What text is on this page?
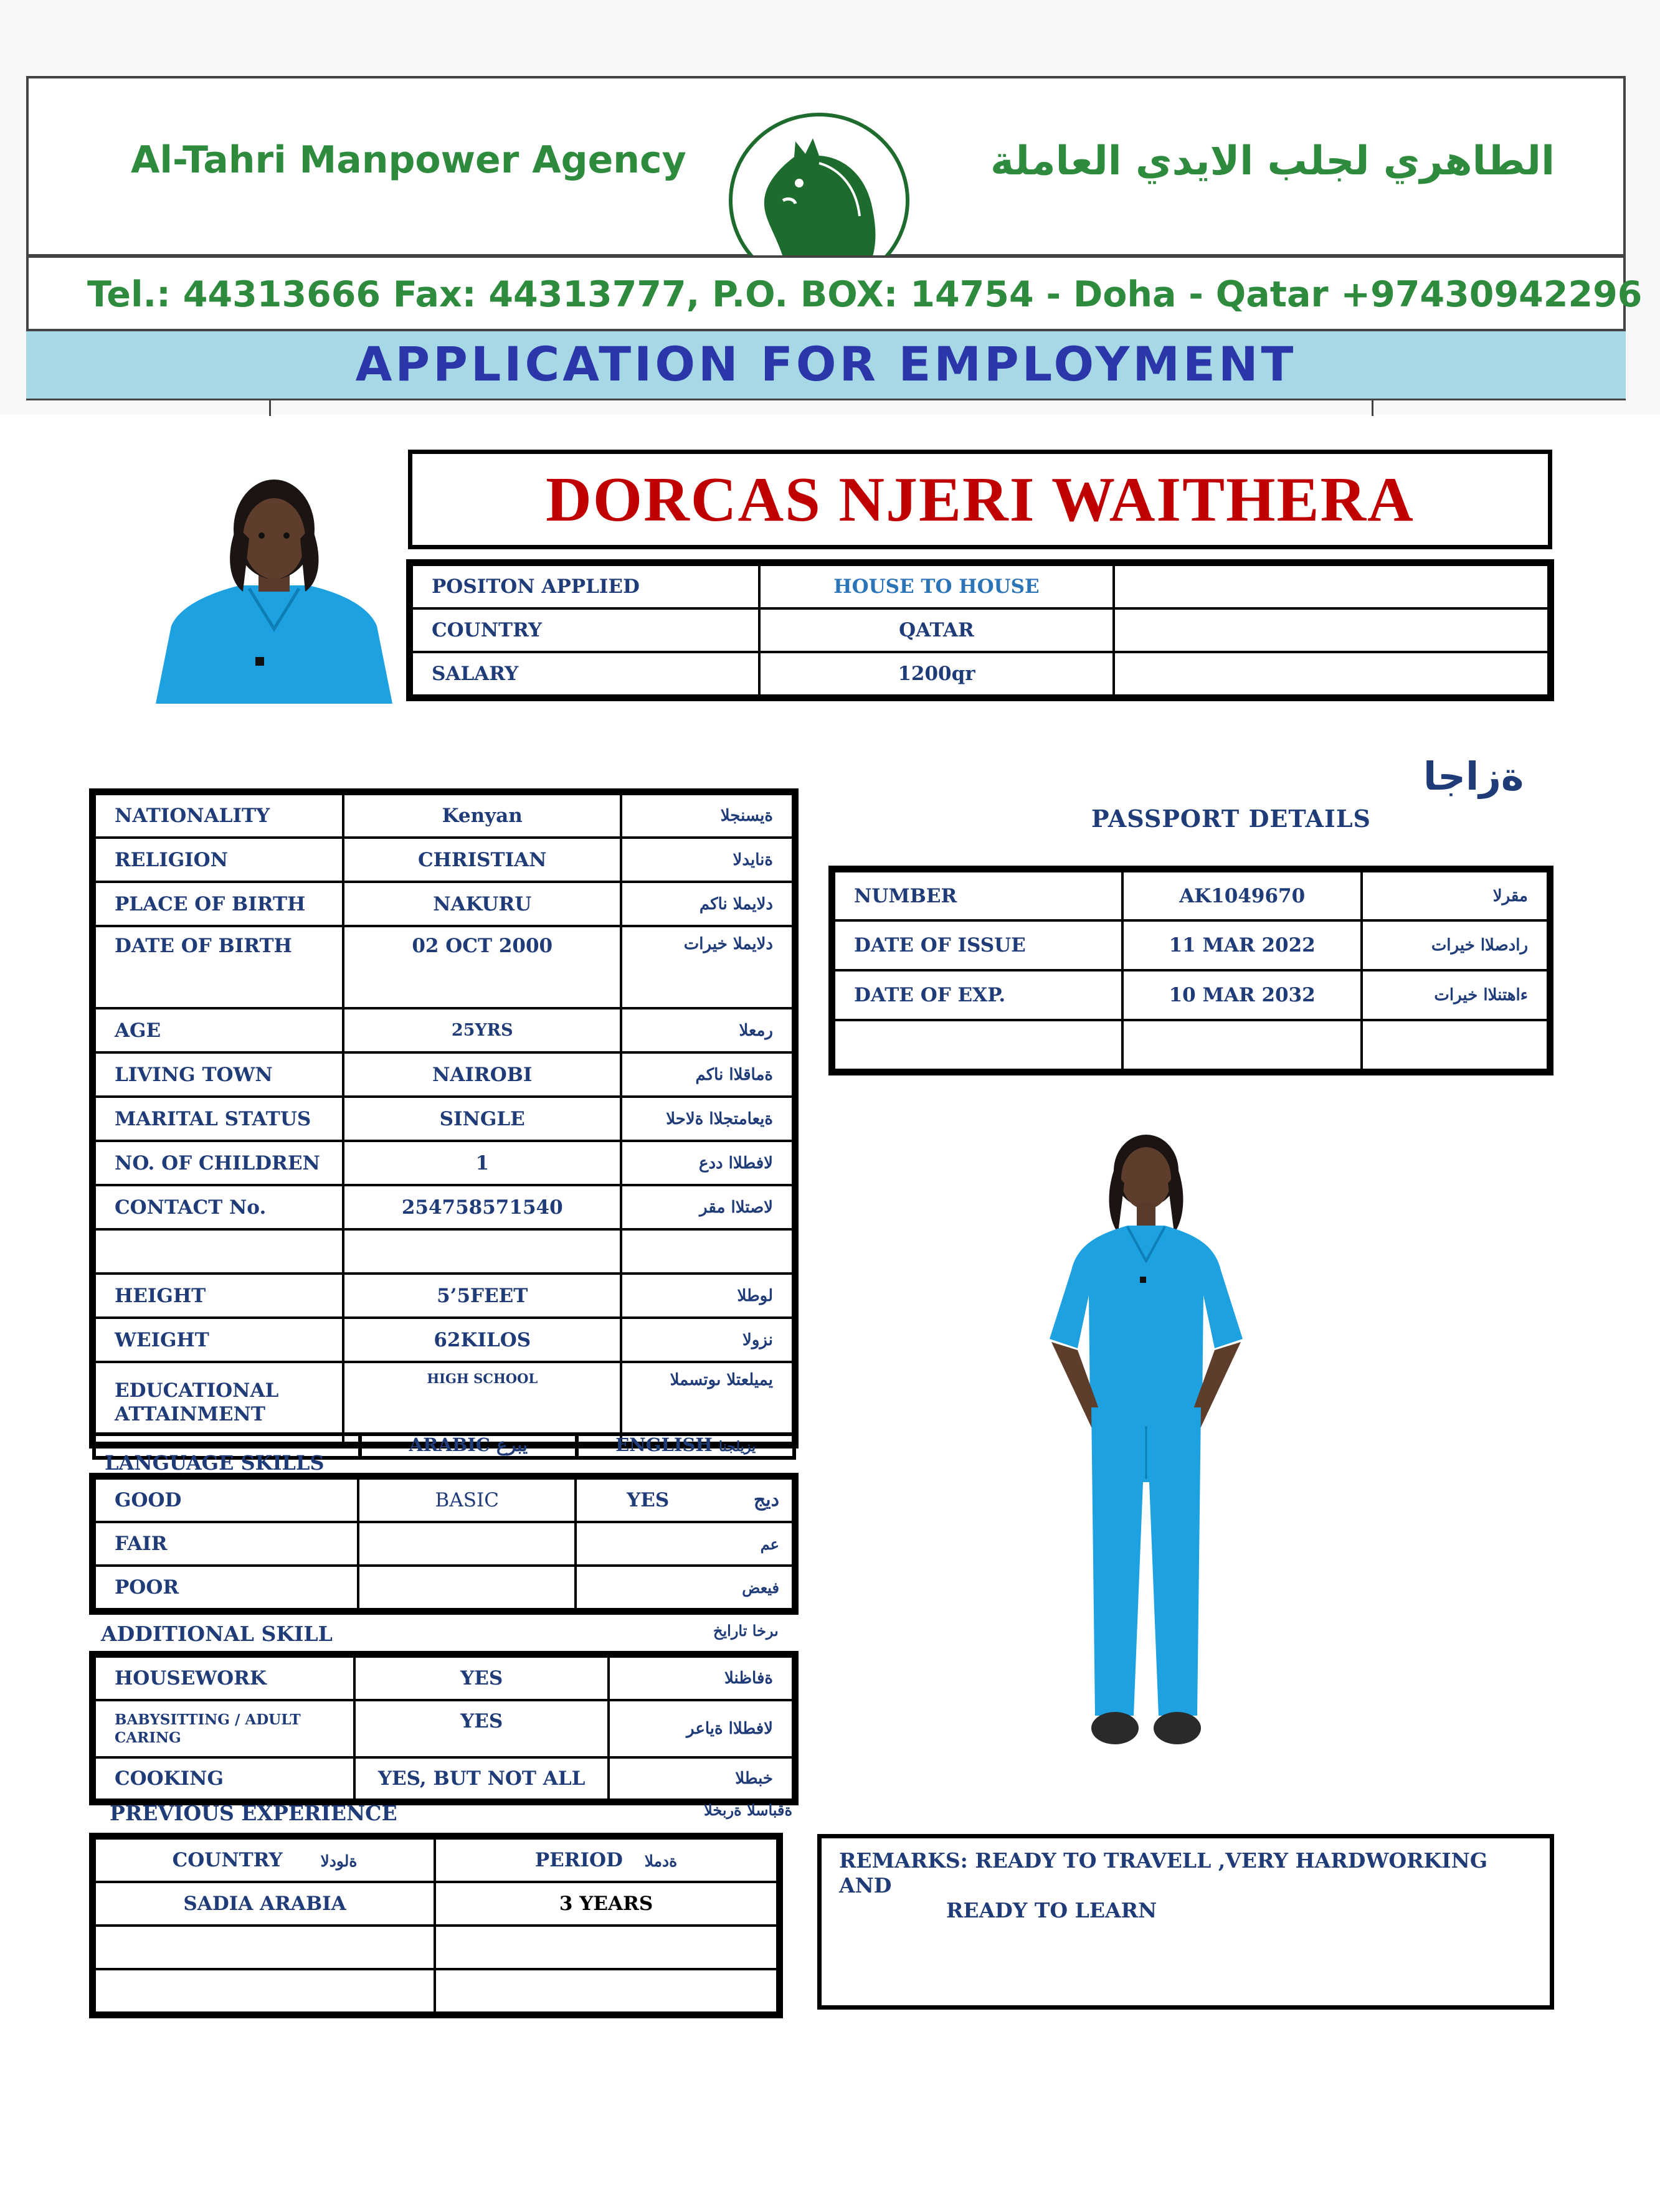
Al-Tahri Manpower Agency	الطاهري لجلب الايدي العاملة
Tel.: 44313666 Fax: 44313777, P.O. BOX: 14754 - Doha - Qatar +97430942296
APPLICATION FOR EMPLOYMENT
DORCAS NJERI WAITHERA
POSITON APPLIED	HOUSE TO HOUSE	
COUNTRY	QATAR	
SALARY	1200qr	
NATIONALITY	Kenyan	ةيسنجلا
RELIGION	CHRISTIAN	ةنايدلا
PLACE OF BIRTH	NAKURU	دلايملا ناكم
DATE OF BIRTH	02 OCT 2000	دلايملا خيرات
AGE	25YRS	رمعلا
LIVING TOWN	NAIROBI	ةماقلاا ناكم
MARITAL STATUS	SINGLE	ةيعامتجلاا ةلاحلا
NO. OF CHILDREN	1	لافطلاا ددع
CONTACT No.	254758571540	لاصتلاا مقر

HEIGHT	5’5FEET	لوطلا
WEIGHT	62KILOS	نزولا
EDUCATIONAL ATTAINMENT	HIGH SCHOOL	يميلعتلا ىوتسملا
	ARABIC يبرع	ENGLISH يزيلجنا
LANGUAGE SKILLS
GOOD	BASIC	YES ديج

FAIR		عم
POOR		فيعض
ADDITIONAL SKILL	ىرخا تارايخ
HOUSEWORK	YES	ةفاظنلا
BABYSITTING / ADULT CARING	YES	لافطلاا ةياعر
COOKING	YES, BUT NOT ALL	خبطلا
PREVIOUS EXPERIENCE	ةقباسلا ةربخلا
COUNTRY ةلودلا	PERIOD ةدملا
SADIA ARABIA	3 YEARS

ةزاجا
PASSPORT DETAILS
NUMBER	AK1049670	مقرلا
DATE OF ISSUE	11 MAR 2022	رادصلاا خيرات
DATE OF EXP.	10 MAR 2032	ءاهتنلاا خيرات

REMARKS: READY TO TRAVELL ,VERY HARDWORKING AND
READY TO LEARN
